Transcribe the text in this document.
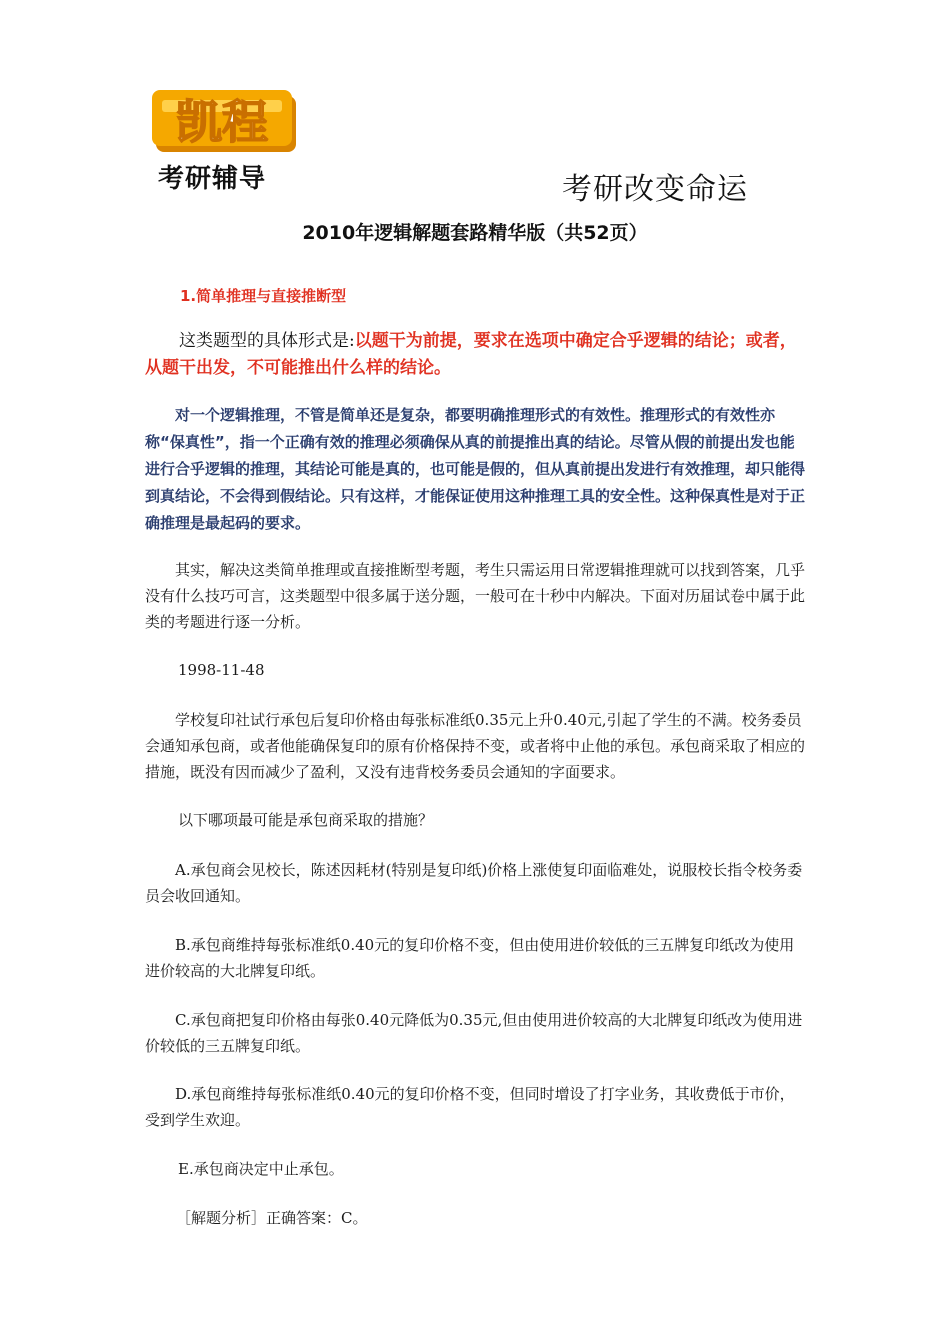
凯程
考研辅导	考研改变命运
2010年逻辑解题套路精华版（共52页）
1.简单推理与直接推断型

这类题型的具体形式是:以题干为前提，要求在选项中确定合乎逻辑的结论；或者，从题干出发，不可能推出什么样的结论。

对一个逻辑推理，不管是简单还是复杂，都要明确推理形式的有效性。推理形式的有效性亦称“保真性”，指一个正确有效的推理必须确保从真的前提推出真的结论。尽管从假的前提出发也能进行合乎逻辑的推理，其结论可能是真的，也可能是假的，但从真前提出发进行有效推理，却只能得到真结论，不会得到假结论。只有这样，才能保证使用这种推理工具的安全性。这种保真性是对于正确推理是最起码的要求。

其实，解决这类简单推理或直接推断型考题，考生只需运用日常逻辑推理就可以找到答案，几乎没有什么技巧可言，这类题型中很多属于送分题，一般可在十秒中内解决。下面对历届试卷中属于此类的考题进行逐一分析。

1998-11-48

学校复印社试行承包后复印价格由每张标准纸0.35元上升0.40元,引起了学生的不满。校务委员会通知承包商，或者他能确保复印的原有价格保持不变，或者将中止他的承包。承包商采取了相应的措施，既没有因而减少了盈利，又没有违背校务委员会通知的字面要求。

以下哪项最可能是承包商采取的措施？

A.承包商会见校长，陈述因耗材(特别是复印纸)价格上涨使复印面临难处，说服校长指令校务委员会收回通知。

B.承包商维持每张标准纸0.40元的复印价格不变，但由使用进价较低的三五牌复印纸改为使用进价较高的大北牌复印纸。

C.承包商把复印价格由每张0.40元降低为0.35元,但由使用进价较高的大北牌复印纸改为使用进价较低的三五牌复印纸。

D.承包商维持每张标准纸0.40元的复印价格不变，但同时增设了打字业务，其收费低于市价，受到学生欢迎。

E.承包商决定中止承包。
［解题分析］正确答案：C。
